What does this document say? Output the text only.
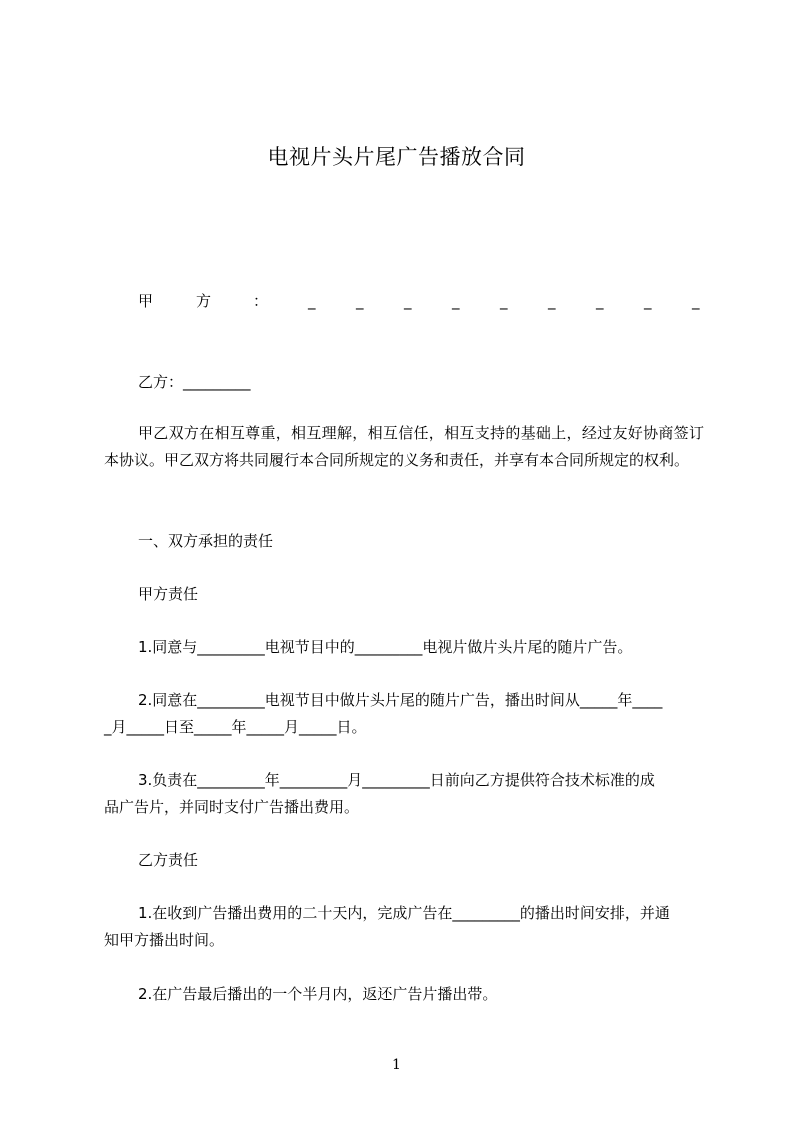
电视片头片尾广告播放合同
甲	方	：	_	_	_	_	_	_	_	_	_
乙方：_________
甲乙双方在相互尊重，相互理解，相互信任，相互支持的基础上，经过友好协商签订本协议。甲乙双方将共同履行本合同所规定的义务和责任，并享有本合同所规定的权利。
一、双方承担的责任
甲方责任
1.同意与_________电视节目中的_________电视片做片头片尾的随片广告。
2.同意在_________电视节目中做片头片尾的随片广告，播出时间从_____年____
_月_____日至_____年_____月_____日。
3.负责在_________年_________月_________日前向乙方提供符合技术标准的成
品广告片，并同时支付广告播出费用。
乙方责任
1.在收到广告播出费用的二十天内，完成广告在_________的播出时间安排，并通
知甲方播出时间。
2.在广告最后播出的一个半月内，返还广告片播出带。
1
